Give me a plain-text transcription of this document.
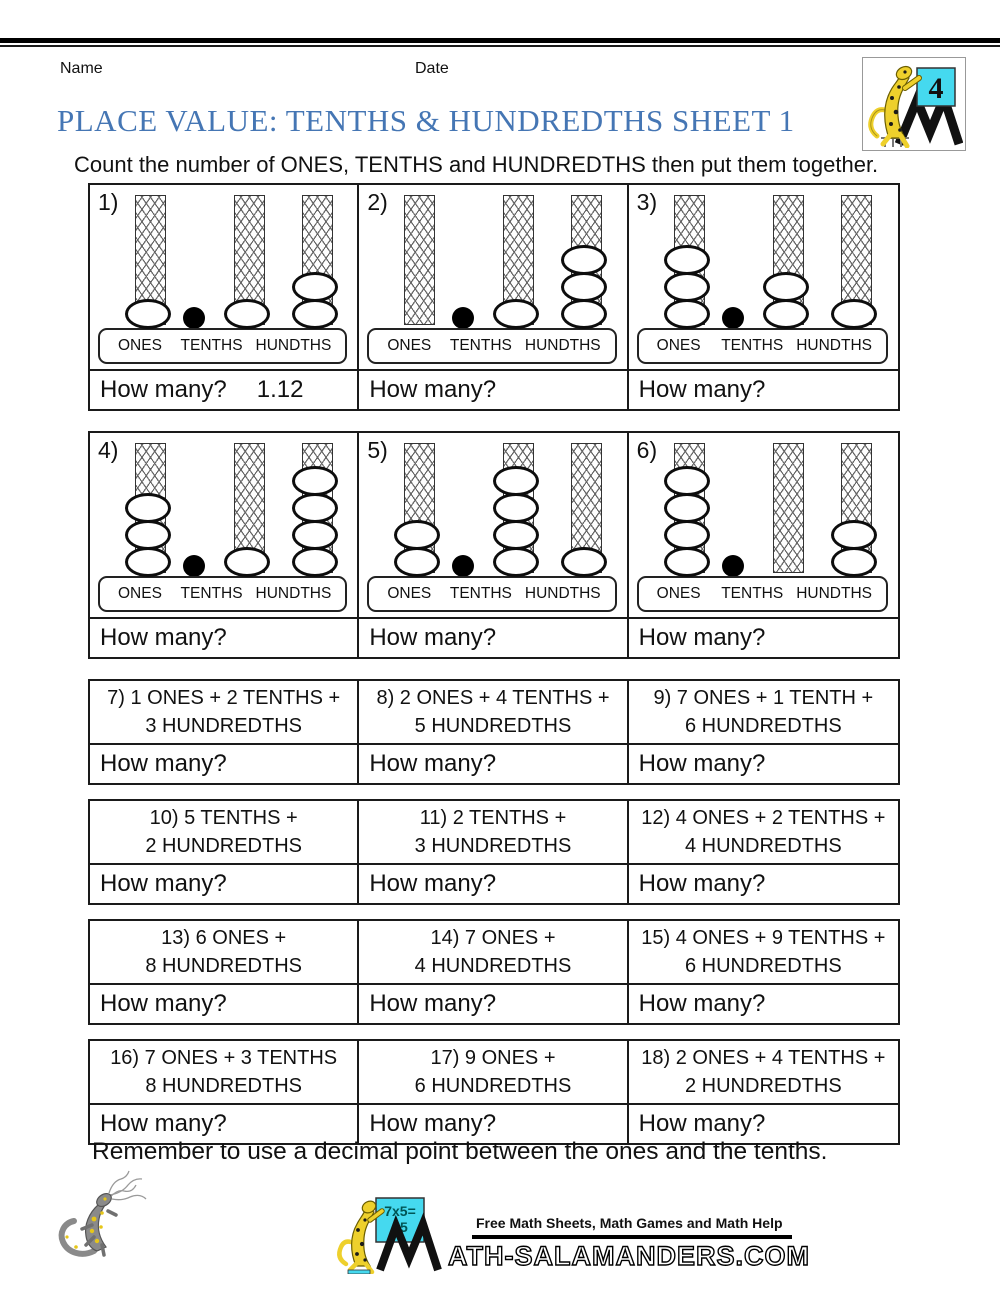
Name	Date
4
PLACE VALUE: TENTHS & HUNDREDTHS SHEET 1
Count the number of ONES, TENTHS and HUNDREDTHS then put them together.
1)
ONES TENTHS HUNDTHS
How many? 1.12
2)
ONES TENTHS HUNDTHS
How many?
3)
ONES TENTHS HUNDTHS
How many?
4)
ONES TENTHS HUNDTHS
How many?
5)
ONES TENTHS HUNDTHS
How many?
6)
ONES TENTHS HUNDTHS
How many?
7) 1 ONES + 2 TENTHS +
3 HUNDREDTHS
How many?
8) 2 ONES + 4 TENTHS +
5 HUNDREDTHS
How many?
9) 7 ONES + 1 TENTH +
6 HUNDREDTHS
How many?
10) 5 TENTHS +
2 HUNDREDTHS
How many?
11) 2 TENTHS +
3 HUNDREDTHS
How many?
12) 4 ONES + 2 TENTHS +
4 HUNDREDTHS
How many?
13) 6 ONES +
8 HUNDREDTHS
How many?
14) 7 ONES +
4 HUNDREDTHS
How many?
15) 4 ONES + 9 TENTHS +
6 HUNDREDTHS
How many?
16) 7 ONES + 3 TENTHS
8 HUNDREDTHS
How many?
17) 9 ONES +
6 HUNDREDTHS
How many?
18) 2 ONES + 4 TENTHS +
2 HUNDREDTHS
How many?
Remember to use a decimal point between the ones and the tenths.
7x5=
35	Free Math Sheets, Math Games and Math Help
ATH-SALAMANDERS.COM
